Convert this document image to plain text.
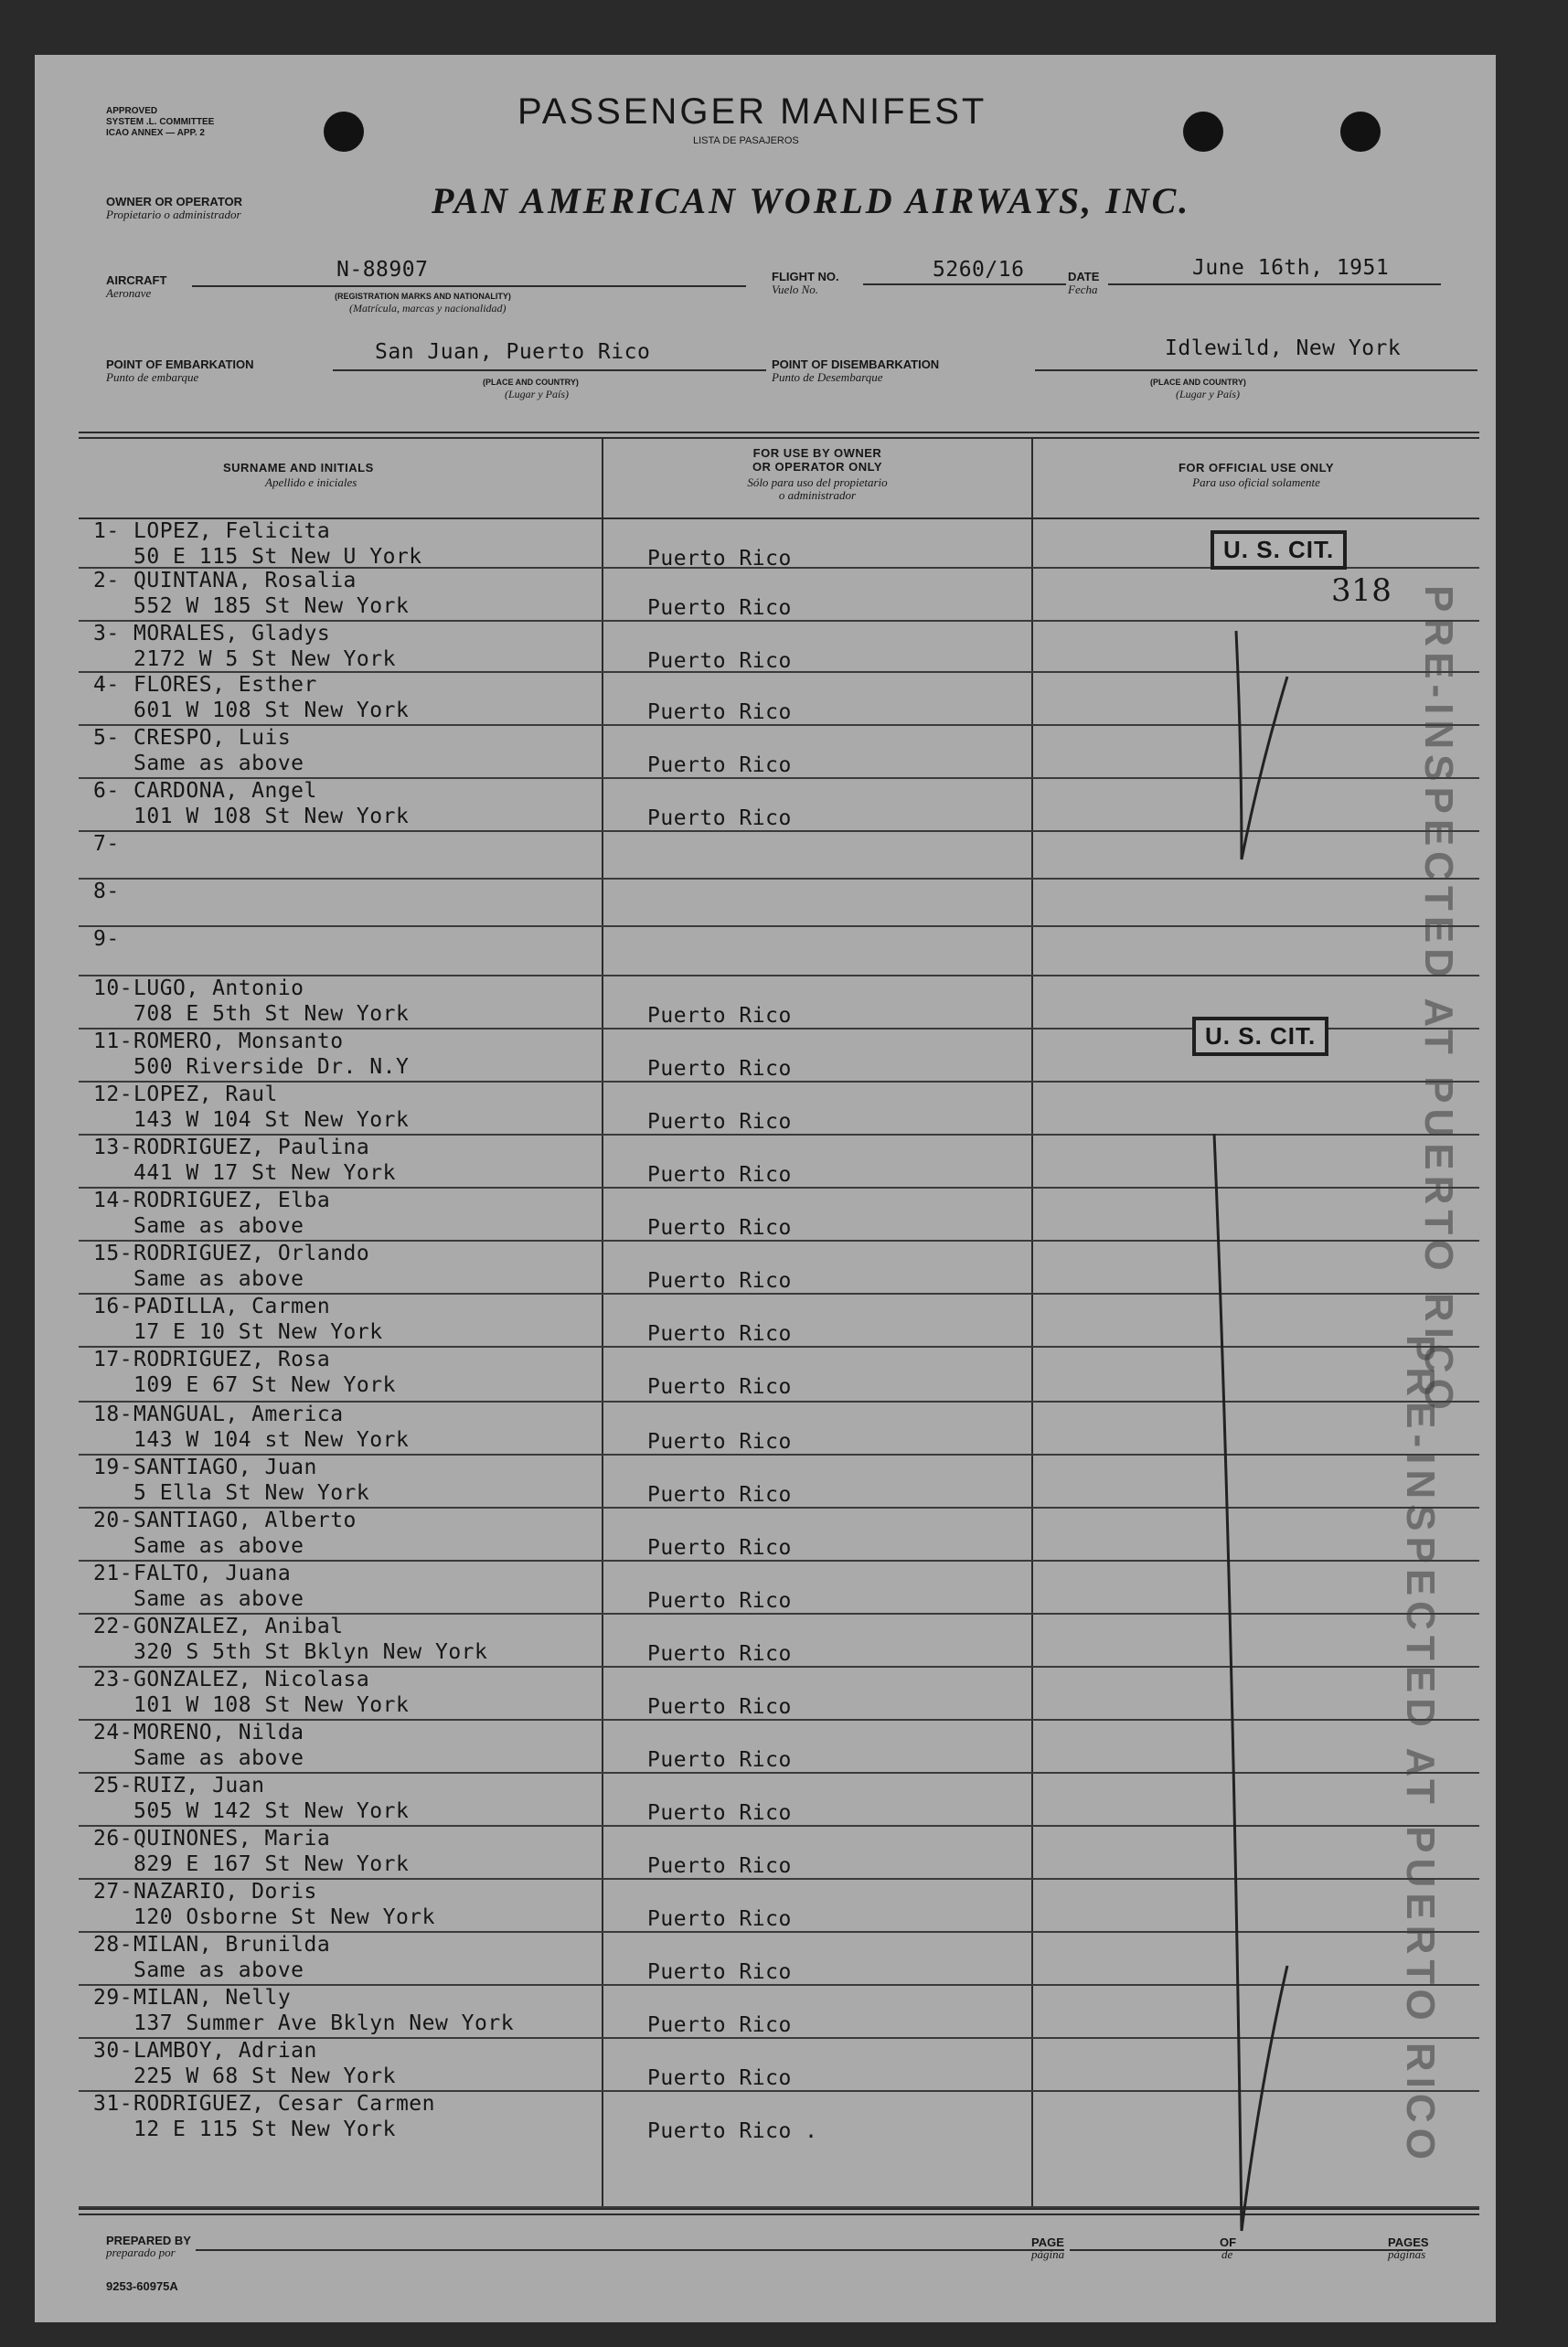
APPROVED
SYSTEM .L. COMMITTEE
ICAO ANNEX — APP. 2
PASSENGER MANIFEST
LISTA DE PASAJEROS
OWNER OR OPERATOR
Propietario o administrador	PAN AMERICAN WORLD AIRWAYS, INC.
AIRCRAFT
Aeronave
N-88907
(REGISTRATION MARKS AND NATIONALITY)
(Matrícula, marcas y nacionalidad)
FLIGHT NO.
Vuelo No.
5260/16	DATE
Fecha
June 16th, 1951
POINT OF EMBARKATION
Punto de embarque
San Juan, Puerto Rico
(PLACE AND COUNTRY)
(Lugar y País)
POINT OF DISEMBARKATION
Punto de Desembarque
Idlewild, New York
(PLACE AND COUNTRY)
(Lugar y País)
SURNAME AND INITIALS
Apellido e iniciales
FOR USE BY OWNER
OR OPERATOR ONLY
Sólo para uso del propietario
o administrador
FOR OFFICIAL USE ONLY
Para uso oficial solamente
1- LOPEZ, Felicita
50 E 115 St New U York	Puerto Rico
2- QUINTANA, Rosalia
552 W 185 St New York	Puerto Rico
3- MORALES, Gladys
2172 W 5 St New York	Puerto Rico
4- FLORES, Esther
601 W 108 St New York	Puerto Rico
5- CRESPO, Luis
Same as above	Puerto Rico
6- CARDONA, Angel
101 W 108 St New York	Puerto Rico
7-
8-
9-
10- LUGO, Antonio
708 E 5th St New York	Puerto Rico
11- ROMERO, Monsanto
500 Riverside Dr. N.Y	Puerto Rico
12- LOPEZ, Raul
143 W 104 St New York	Puerto Rico
13- RODRIGUEZ, Paulina
441 W 17 St New York	Puerto Rico
14- RODRIGUEZ, Elba
Same as above	Puerto Rico
15- RODRIGUEZ, Orlando
Same as above	Puerto Rico
16- PADILLA, Carmen
17 E 10 St New York	Puerto Rico
17- RODRIGUEZ, Rosa
109 E 67 St New York	Puerto Rico
18- MANGUAL, America
143 W 104 st New York	Puerto Rico
19- SANTIAGO, Juan
5 Ella St New York	Puerto Rico
20- SANTIAGO, Alberto
Same as above	Puerto Rico
21- FALTO, Juana
Same as above	Puerto Rico
22- GONZALEZ, Anibal
320 S 5th St Bklyn New York	Puerto Rico
23- GONZALEZ, Nicolasa
101 W 108 St New York	Puerto Rico
24- MORENO, Nilda
Same as above	Puerto Rico
25- RUIZ, Juan
505 W 142 St New York	Puerto Rico
26- QUINONES, Maria
829 E 167 St New York	Puerto Rico
27- NAZARIO, Doris
120 Osborne St New York	Puerto Rico
28- MILAN, Brunilda
Same as above	Puerto Rico
29- MILAN, Nelly
137 Summer Ave Bklyn New York	Puerto Rico
30- LAMBOY, Adrian
225 W 68 St New York	Puerto Rico
31- RODRIGUEZ, Cesar Carmen
12 E 115 St New York	Puerto Rico .
U. S. CIT.
318
U. S. CIT.	PRE-INSPECTED AT PUERTO RICO
PRE-INSPECTED AT PUERTO RICO
PREPARED BY
preparado por
PAGE
página
OF
de
PAGES
páginas
9253-60975A
